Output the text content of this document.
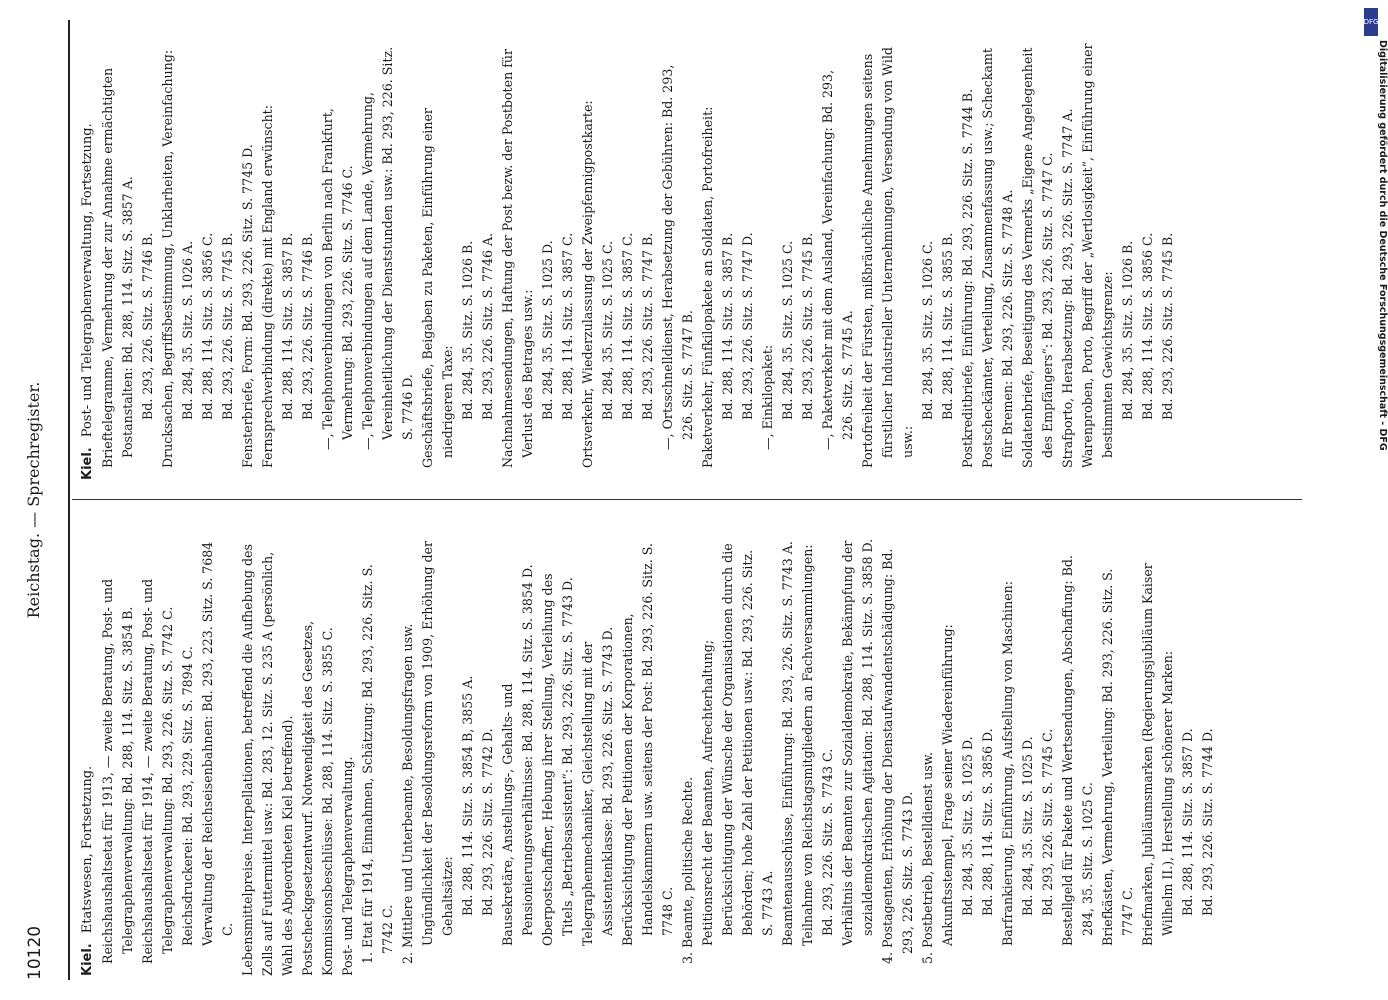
10120
Reichstag. — Sprechregister.
Kiel.Etatswesen, Fortsetzung. Reichshaushaltsetat für 1913, — zweite Beratung, Post- und Telegraphenverwaltung: Bd. 288, 114. Sitz. S. 3854 B. Reichshaushaltsetat für 1914, — zweite Beratung, Post- und Telegraphenverwaltung: Bd. 293, 226. Sitz. S. 7742 C. Reichsdruckerei: Bd. 293, 229. Sitz. S. 7894 C. Verwaltung der Reichseisenbahnen: Bd. 293, 223. Sitz. S. 7684 C. Lebensmittelpreise. Interpellationen, betreffend die Aufhebung des Zolls auf Futtermittel usw.: Bd. 283, 12. Sitz. S. 235 A (persönlich, Wahl des Abgeordneten Kiel betreffend). Postscheckgesetzentwurf. Notwendigkeit des Gesetzes, Kommissionsbeschlüsse: Bd. 288, 114. Sitz. S. 3855 C. Post- und Telegraphenverwaltung. 1. Etat für 1914, Einnahmen, Schätzung: Bd. 293, 226. Sitz. S. 7742 C. 2. Mittlere und Unterbeamte, Besoldungsfragen usw. Ungündlichkeit der Besoldungsreform von 1909, Erhöhung der Gehaltsätze: Bd. 288, 114. Sitz. S. 3854 B, 3855 A. Bd. 293, 226. Sitz. S. 7742 D. Bausekretäre, Anstellungs-, Gehalts- und Pensionierungsverhältnisse: Bd. 288, 114. Sitz. S. 3854 D. Oberpostschaffner, Hebung ihrer Stellung, Verleihung des Titels „Betriebsassistent“: Bd. 293, 226. Sitz. S. 7743 D. Telegraphenmechaniker, Gleichstellung mit der Assistentenklasse: Bd. 293, 226. Sitz. S. 7743 D. Berücksichtigung der Petitionen der Korporationen, Handelskammern usw. seitens der Post: Bd. 293, 226. Sitz. S. 7748 C. 3. Beamte, politische Rechte. Petitionsrecht der Beamten, Aufrechterhaltung; Berücksichtigung der Wünsche der Organisationen durch die Behörden; hohe Zahl der Petitionen usw.: Bd. 293, 226. Sitz. S. 7743 A. Beamtenausschüsse, Einführung: Bd. 293, 226. Sitz. S. 7743 A. Teilnahme von Reichstagsmitgliedern an Fachversammlungen: Bd. 293, 226. Sitz. S. 7743 C. Verhältnis der Beamten zur Sozialdemokratie, Bekämpfung der sozialdemokratischen Agitation: Bd. 288, 114. Sitz. S. 3858 D. 4. Postagenten, Erhöhung der Dienstaufwandentschädigung: Bd. 293, 226. Sitz. S. 7743 D. 5. Postbetrieb, Bestelldienst usw. Ankunftsstempel, Frage seiner Wiedereinführung: Bd. 284, 35. Sitz. S. 1025 D. Bd. 288, 114. Sitz. S. 3856 D. Barfrankierung, Einführung, Aufstellung von Maschinen: Bd. 284, 35. Sitz. S. 1025 D. Bd. 293, 226. Sitz. S. 7745 C. Bestellgeld für Pakete und Wertsendungen, Abschaffung: Bd. 284, 35. Sitz. S. 1025 C. Briefkästen, Vermehrung, Verteilung: Bd. 293, 226. Sitz. S. 7747 C. Briefmarken, Jubiläumsmarken (Regierungsjubiläum Kaiser Wilhelm II.), Herstellung schönerer Marken: Bd. 288, 114. Sitz. S. 3857 D. Bd. 293, 226. Sitz. S. 7744 D.

Kiel.Post- und Telegraphenverwaltung, Fortsetzung. Brieftelegramme, Vermehrung der zur Annahme ermächtigten Postanstalten: Bd. 288, 114. Sitz. S. 3857 A. Bd. 293, 226. Sitz. S. 7746 B. Drucksachen, Begriffsbestimmung, Unklarheiten, Vereinfachung: Bd. 284, 35. Sitz. S. 1026 A. Bd. 288, 114. Sitz. S. 3856 C. Bd. 293, 226. Sitz. S. 7745 B. Fensterbriefe, Form: Bd. 293, 226. Sitz. S. 7745 D. Fernsprechverbindung (direkte) mit England erwünscht: Bd. 288, 114. Sitz. S. 3857 B. Bd. 293, 226. Sitz. S. 7746 B. —, Telephonverbindungen von Berlin nach Frankfurt, Vermehrung: Bd. 293, 226. Sitz. S. 7746 C. —, Telephonverbindungen auf dem Lande, Vermehrung, Vereinheitlichung der Dienststunden usw.: Bd. 293, 226. Sitz. S. 7746 D. Geschäftsbriefe, Beigaben zu Paketen, Einführung einer niedrigeren Taxe: Bd. 284, 35. Sitz. S. 1026 B. Bd. 293, 226. Sitz. S. 7746 A. Nachnahmesendungen, Haftung der Post bezw. der Postboten für Verlust des Betrages usw.: Bd. 284, 35. Sitz. S. 1025 D. Bd. 288, 114. Sitz. S. 3857 C. Ortsverkehr, Wiederzulassung der Zweipfennigpostkarte: Bd. 284, 35. Sitz. S. 1025 C. Bd. 288, 114. Sitz. S. 3857 C. Bd. 293, 226. Sitz. S. 7747 B. —, Ortsschnelldienst, Herabsetzung der Gebühren: Bd. 293, 226. Sitz. S. 7747 B. Paketverkehr, Fünfkilopakete an Soldaten, Portofreiheit: Bd. 288, 114. Sitz. S. 3857 B. Bd. 293, 226. Sitz. S. 7747 D. —, Einkilopaket: Bd. 284, 35. Sitz. S. 1025 C. Bd. 293, 226. Sitz. S. 7745 B. —, Paketverkehr mit dem Ausland, Vereinfachung: Bd. 293, 226. Sitz. S. 7745 A. Portofreiheit der Fürsten, mißbräuchliche Annehmungen seitens fürstlicher Industrieller Unternehmungen, Versendung von Wild usw.:

Bd. 284, 35. Sitz. S. 1026 C. Bd. 288, 114. Sitz. S. 3855 B. Postkreditbriefe, Einführung: Bd. 293, 226. Sitz. S. 7744 B. Postscheckämter, Verteilung, Zusammenfassung usw.; Scheckamt für Bremen: Bd. 293, 226. Sitz. S. 7748 A. Soldatenbriefe, Beseitigung des Vermerks „Eigene Angelegenheit des Empfängers“: Bd. 293, 226. Sitz. S. 7747 C. Strafporto, Herabsetzung: Bd. 293, 226. Sitz. S. 7747 A. Warenproben, Porto, Begriff der „Wertlosigkeit“, Einführung einer bestimmten Gewichtsgrenze: Bd. 284, 35. Sitz. S. 1026 B. Bd. 288, 114. Sitz. S. 3856 C. Bd. 293, 226. Sitz. S. 7745 B.

DFG
Digitalisierung gefördert durch die Deutsche Forschungsgemeinschaft - DFG
